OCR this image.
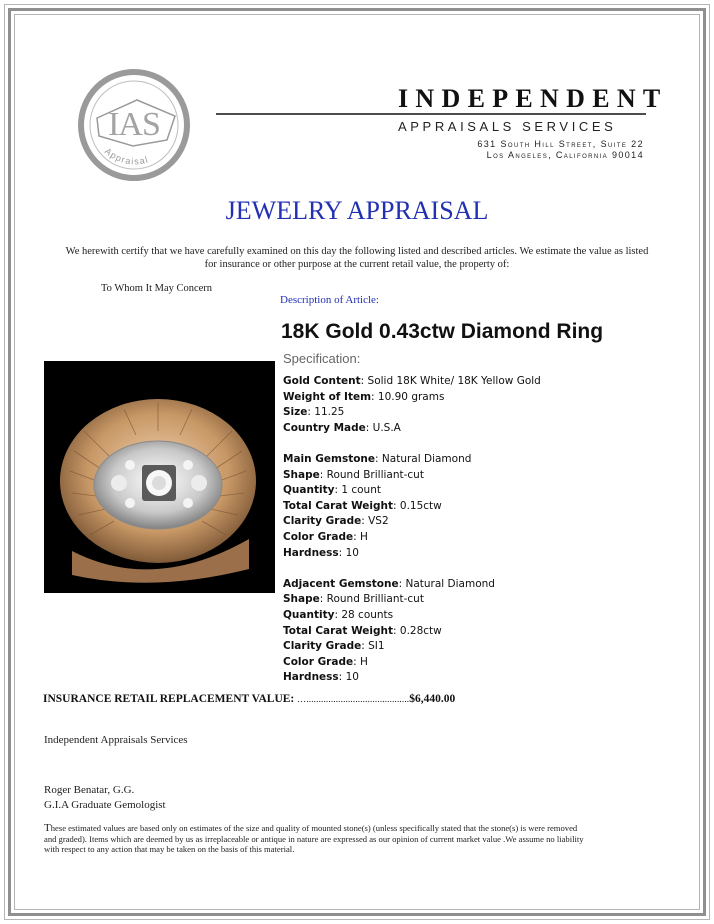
IAS
Appraisal
INDEPENDENT
APPRAISALS SERVICES
631 South Hill Street, Suite 22
Los Angeles, California 90014
JEWELRY APPRAISAL
We herewith certify that we have carefully examined on this day the following listed and described articles. We estimate the value as listed for insurance or other purpose at the current retail value, the property of:
To Whom It May Concern
Description of Article:
18K Gold 0.43ctw Diamond Ring
Specification:
Gold Content: Solid 18K White/ 18K Yellow Gold
Weight of Item: 10.90 grams
Size: 11.25
Country Made: U.S.A
Main Gemstone: Natural Diamond
Shape: Round Brilliant-cut
Quantity: 1 count
Total Carat Weight: 0.15ctw
Clarity Grade: VS2
Color Grade: H
Hardness: 10
Adjacent Gemstone: Natural Diamond
Shape: Round Brilliant-cut
Quantity: 28 counts
Total Carat Weight: 0.28ctw
Clarity Grade: SI1
Color Grade: H
Hardness: 10
INSURANCE RETAIL REPLACEMENT VALUE: …..........................................$6,440.00
Independent Appraisals Services
Roger Benatar, G.G.
G.I.A Graduate Gemologist
These estimated values are based only on estimates of the size and quality of mounted stone(s) (unless specifically stated that the stone(s) is were removed and graded). Items which are deemed by us as irreplaceable or antique in nature are expressed as our opinion of current market value .We assume no liability with respect to any action that may be taken on the basis of this material.
